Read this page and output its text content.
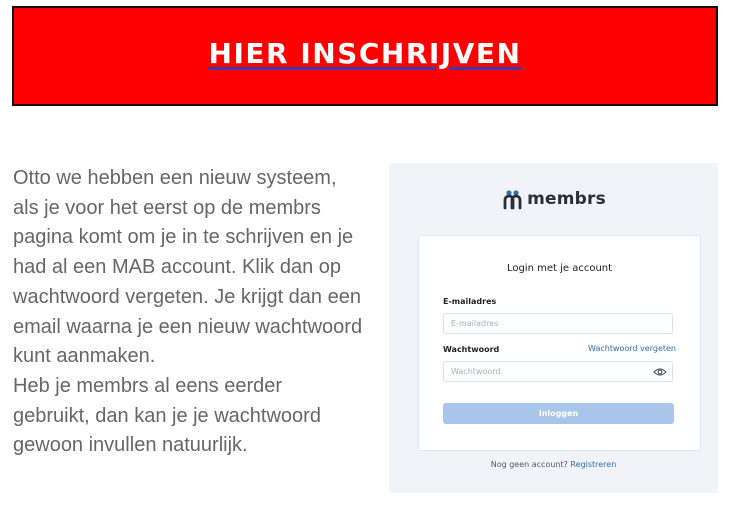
HIER INSCHRIJVEN

Otto we hebben een nieuw systeem, als je voor het eerst op de membrs pagina komt om je in te schrijven en je had al een MAB account. Klik dan op wachtwoord vergeten. Je krijgt dan een email waarna je een nieuw wachtwoord kunt aanmaken.

Heb je membrs al eens eerder gebruikt, dan kan je je wachtwoord gewoon invullen natuurlijk.

membrs
Login met je account
E-mailadres
E-mailadres
Wachtwoord	Wachtwoord vergeten
Inloggen
Nog geen account? Registreren
